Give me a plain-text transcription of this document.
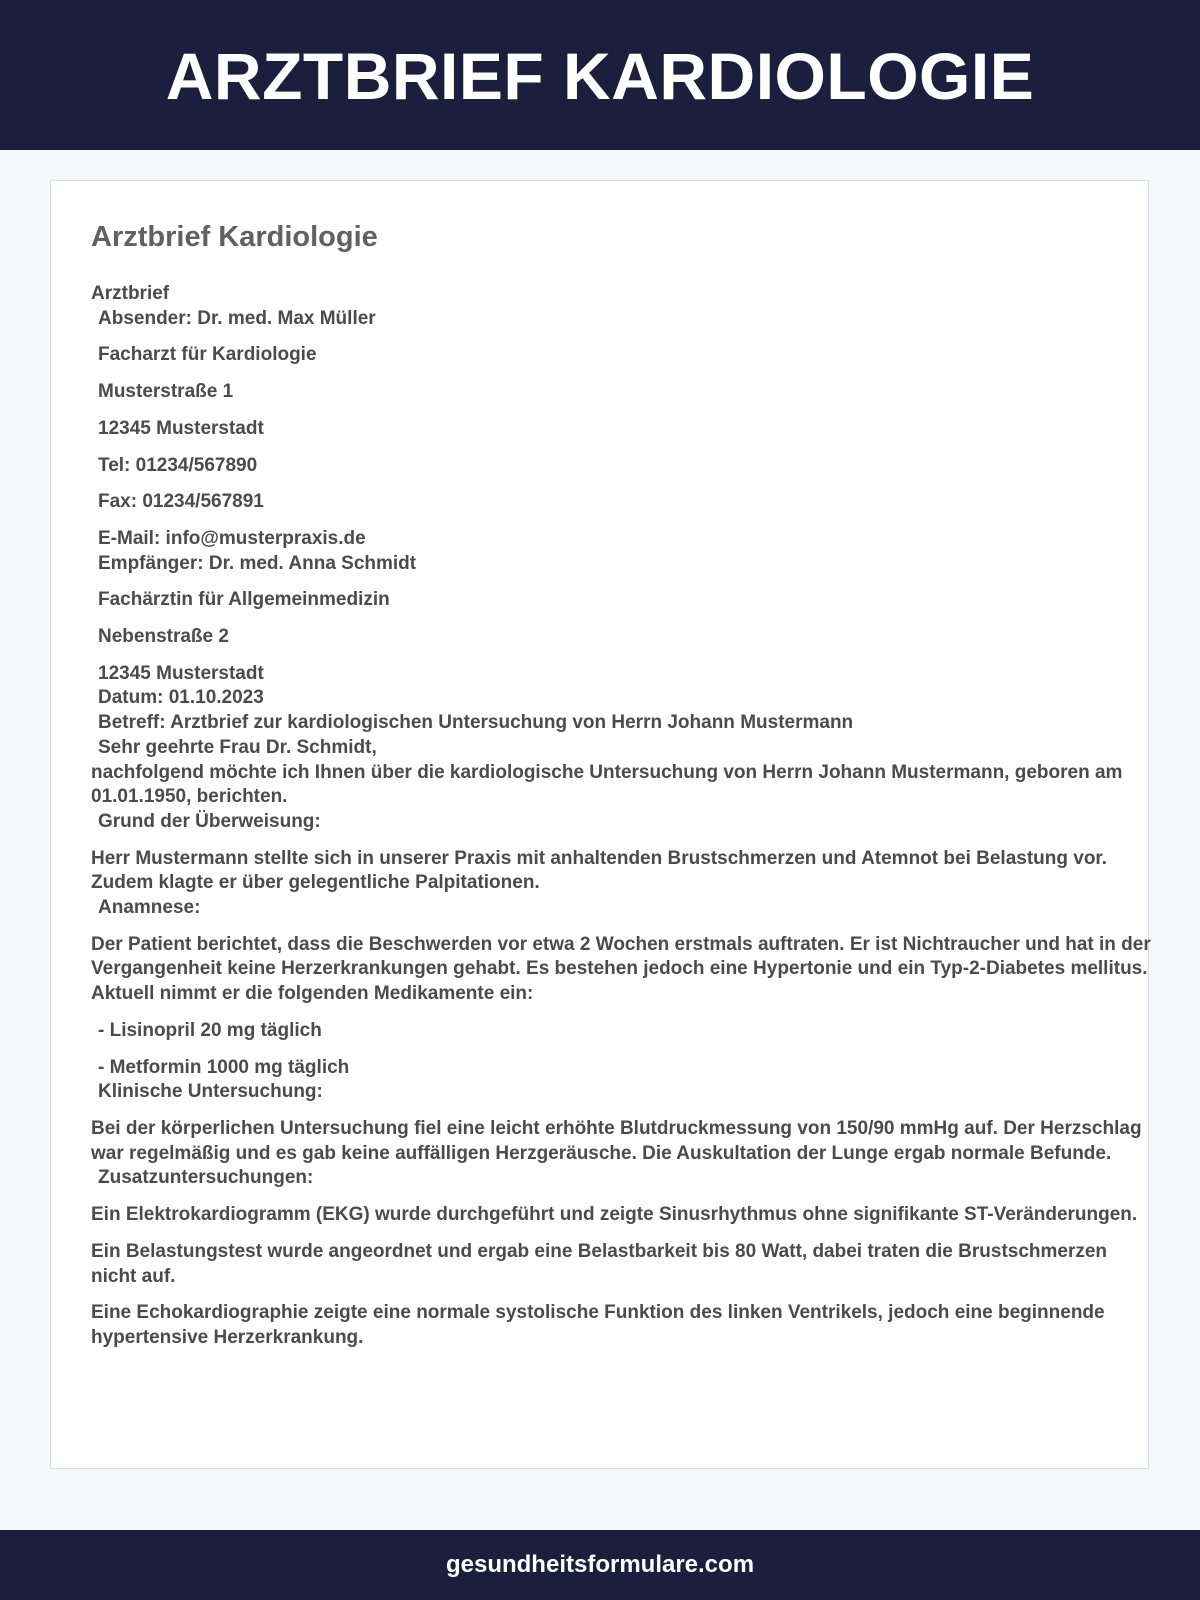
ARZTBRIEF KARDIOLOGIE
Arztbrief Kardiologie

Arztbrief

Absender: Dr. med. Max Müller

Facharzt für Kardiologie

Musterstraße 1

12345 Musterstadt

Tel: 01234/567890

Fax: 01234/567891

E-Mail: info@musterpraxis.de

Empfänger: Dr. med. Anna Schmidt

Fachärztin für Allgemeinmedizin

Nebenstraße 2

12345 Musterstadt

Datum: 01.10.2023

Betreff: Arztbrief zur kardiologischen Untersuchung von Herrn Johann Mustermann

Sehr geehrte Frau Dr. Schmidt,

nachfolgend möchte ich Ihnen über die kardiologische Untersuchung von Herrn Johann Mustermann, geboren am 01.01.1950, berichten.

Grund der Überweisung:

Herr Mustermann stellte sich in unserer Praxis mit anhaltenden Brustschmerzen und Atemnot bei Belastung vor. Zudem klagte er über gelegentliche Palpitationen.

Anamnese:

Der Patient berichtet, dass die Beschwerden vor etwa 2 Wochen erstmals auftraten. Er ist Nichtraucher und hat in der Vergangenheit keine Herzerkrankungen gehabt. Es bestehen jedoch eine Hypertonie und ein Typ-2-Diabetes mellitus. Aktuell nimmt er die folgenden Medikamente ein:

- Lisinopril 20 mg täglich

- Metformin 1000 mg täglich

Klinische Untersuchung:

Bei der körperlichen Untersuchung fiel eine leicht erhöhte Blutdruckmessung von 150/90 mmHg auf. Der Herzschlag war regelmäßig und es gab keine auffälligen Herzgeräusche. Die Auskultation der Lunge ergab normale Befunde.

Zusatzuntersuchungen:

Ein Elektrokardiogramm (EKG) wurde durchgeführt und zeigte Sinusrhythmus ohne signifikante ST-Veränderungen.

Ein Belastungstest wurde angeordnet und ergab eine Belastbarkeit bis 80 Watt, dabei traten die Brustschmerzen nicht auf.

Eine Echokardiographie zeigte eine normale systolische Funktion des linken Ventrikels, jedoch eine beginnende hypertensive Herzerkrankung.

gesundheitsformulare.com
